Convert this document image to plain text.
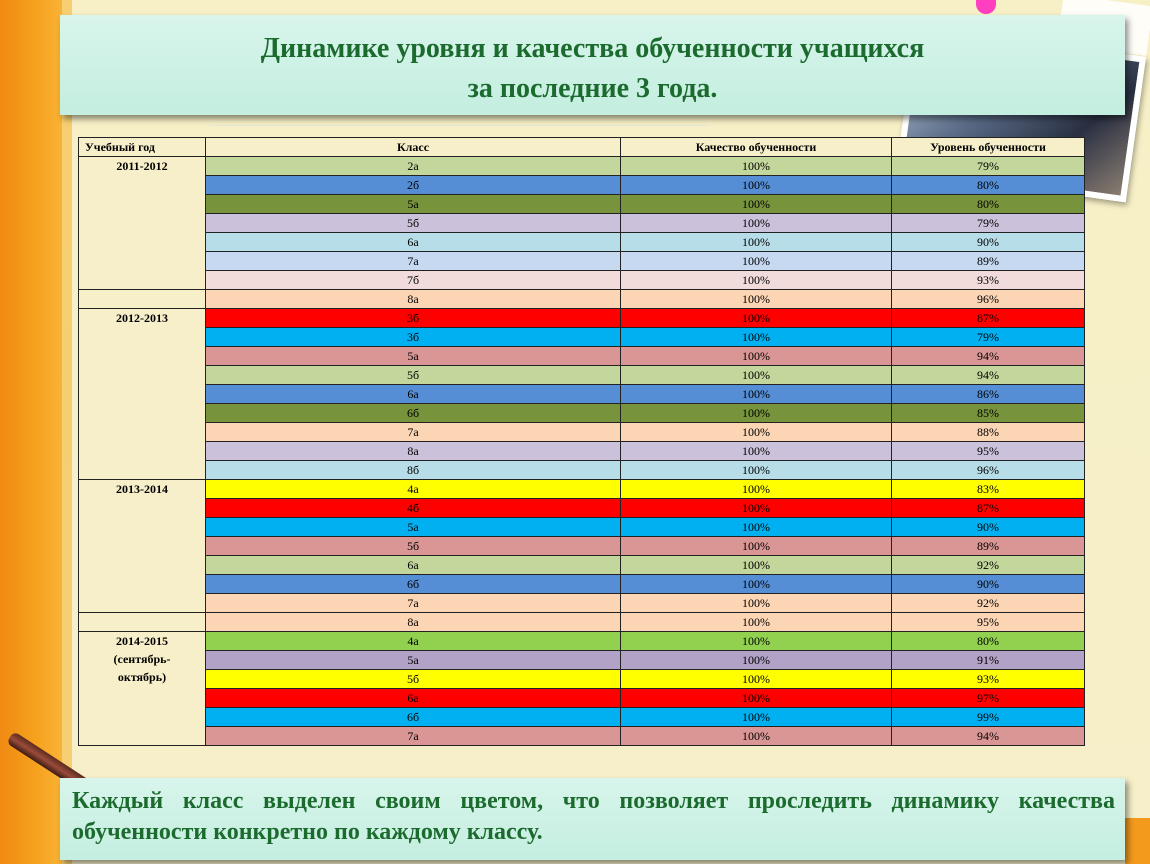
Динамике уровня и качества обученности учащихся
за последние 3 года.
Учебный год	Класс	Качество обученности	Уровень обученности

2011-2012	2а	100%	79%
	2б	100%	80%
	5а	100%	80%
	5б	100%	79%
	6а	100%	90%
	7а	100%	89%
	7б	100%	93%
	8а	100%	96%

2012-2013	3б	100%	87%
	3б	100%	79%
	5а	100%	94%
	5б	100%	94%
	6а	100%	86%
	6б	100%	85%
	7а	100%	88%
	8а	100%	95%
	8б	100%	96%

2013-2014	4а	100%	83%
	4б	100%	87%
	5а	100%	90%
	5б	100%	89%
	6а	100%	92%
	6б	100%	90%
	7а	100%	92%
	8а	100%	95%

2014-2015
(сентябрь-
октябрь)	4а	100%	80%
	5а	100%	91%
	5б	100%	93%
	6а	100%	97%
	6б	100%	99%
	7а	100%	94%

Каждый класс выделен своим цветом, что позволяет проследить динамику качества обученности конкретно по каждому классу.
